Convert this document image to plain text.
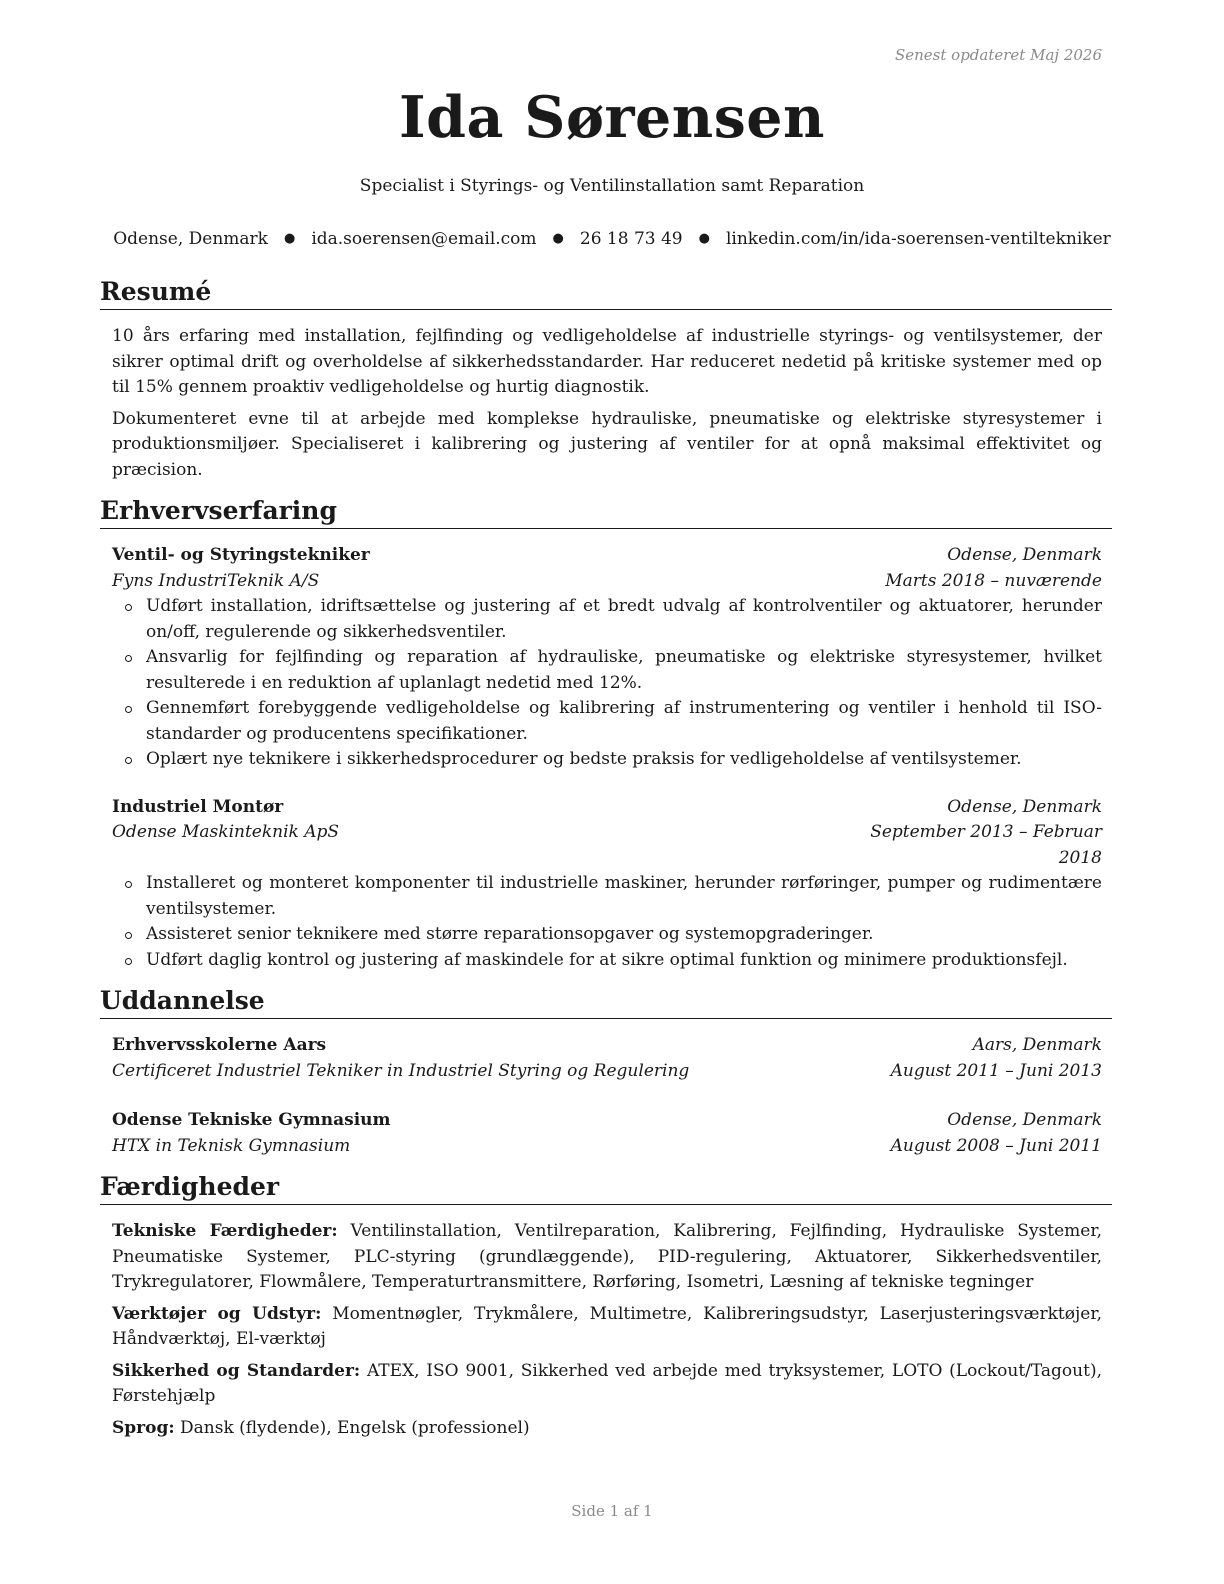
Senest opdateret Maj 2026
Ida Sørensen
Specialist i Styrings- og Ventilinstallation samt Reparation
Odense, Denmark ● ida.soerensen@email.com ● 26 18 73 49 ● linkedin.com/in/ida-soerensen-ventiltekniker
Resumé

10 års erfaring med installation, fejlfinding og vedligeholdelse af industrielle styrings- og ventilsystemer, der sikrer optimal drift og overholdelse af sikkerhedsstandarder. Har reduceret nedetid på kritiske systemer med op til 15% gennem proaktiv vedligeholdelse og hurtig diagnostik.

Dokumenteret evne til at arbejde med komplekse hydrauliske, pneumatiske og elektriske styresystemer i produktionsmiljøer. Specialiseret i kalibrering og justering af ventiler for at opnå maksimal effektivitet og præcision.

Erhvervserfaring
Ventil- og Styringstekniker	Odense, Denmark
Fyns IndustriTeknik A/S	Marts 2018 – nuværende
Udført installation, idriftsættelse og justering af et bredt udvalg af kontrolventiler og aktuatorer, herunder on/off, regulerende og sikkerhedsventiler.
Ansvarlig for fejlfinding og reparation af hydrauliske, pneumatiske og elektriske styresystemer, hvilket resulterede i en reduktion af uplanlagt nedetid med 12%.
Gennemført forebyggende vedligeholdelse og kalibrering af instrumentering og ventiler i henhold til ISO-standarder og producentens specifikationer.
Oplært nye teknikere i sikkerhedsprocedurer og bedste praksis for vedligeholdelse af ventilsystemer.
Industriel Montør	Odense, Denmark
Odense Maskinteknik ApS	September 2013 – Februar 2018
Installeret og monteret komponenter til industrielle maskiner, herunder rørføringer, pumper og rudimentære ventilsystemer.
Assisteret senior teknikere med større reparationsopgaver og systemopgraderinger.
Udført daglig kontrol og justering af maskindele for at sikre optimal funktion og minimere produktionsfejl.
Uddannelse
Erhvervsskolerne Aars	Aars, Denmark
Certificeret Industriel Tekniker in Industriel Styring og Regulering	August 2011 – Juni 2013
Odense Tekniske Gymnasium	Odense, Denmark
HTX in Teknisk Gymnasium	August 2008 – Juni 2011
Færdigheder

Tekniske Færdigheder: Ventilinstallation, Ventilreparation, Kalibrering, Fejlfinding, Hydrauliske Systemer, Pneumatiske Systemer, PLC-styring (grundlæggende), PID-regulering, Aktuatorer, Sikkerhedsventiler, Trykregulatorer, Flowmålere, Temperaturtransmittere, Rørføring, Isometri, Læsning af tekniske tegninger

Værktøjer og Udstyr: Momentnøgler, Trykmålere, Multimetre, Kalibreringsudstyr, Laserjusteringsværktøjer, Håndværktøj, El-værktøj

Sikkerhed og Standarder: ATEX, ISO 9001, Sikkerhed ved arbejde med tryksystemer, LOTO (Lockout/Tagout), Førstehjælp

Sprog: Dansk (flydende), Engelsk (professionel)

Side 1 af 1
